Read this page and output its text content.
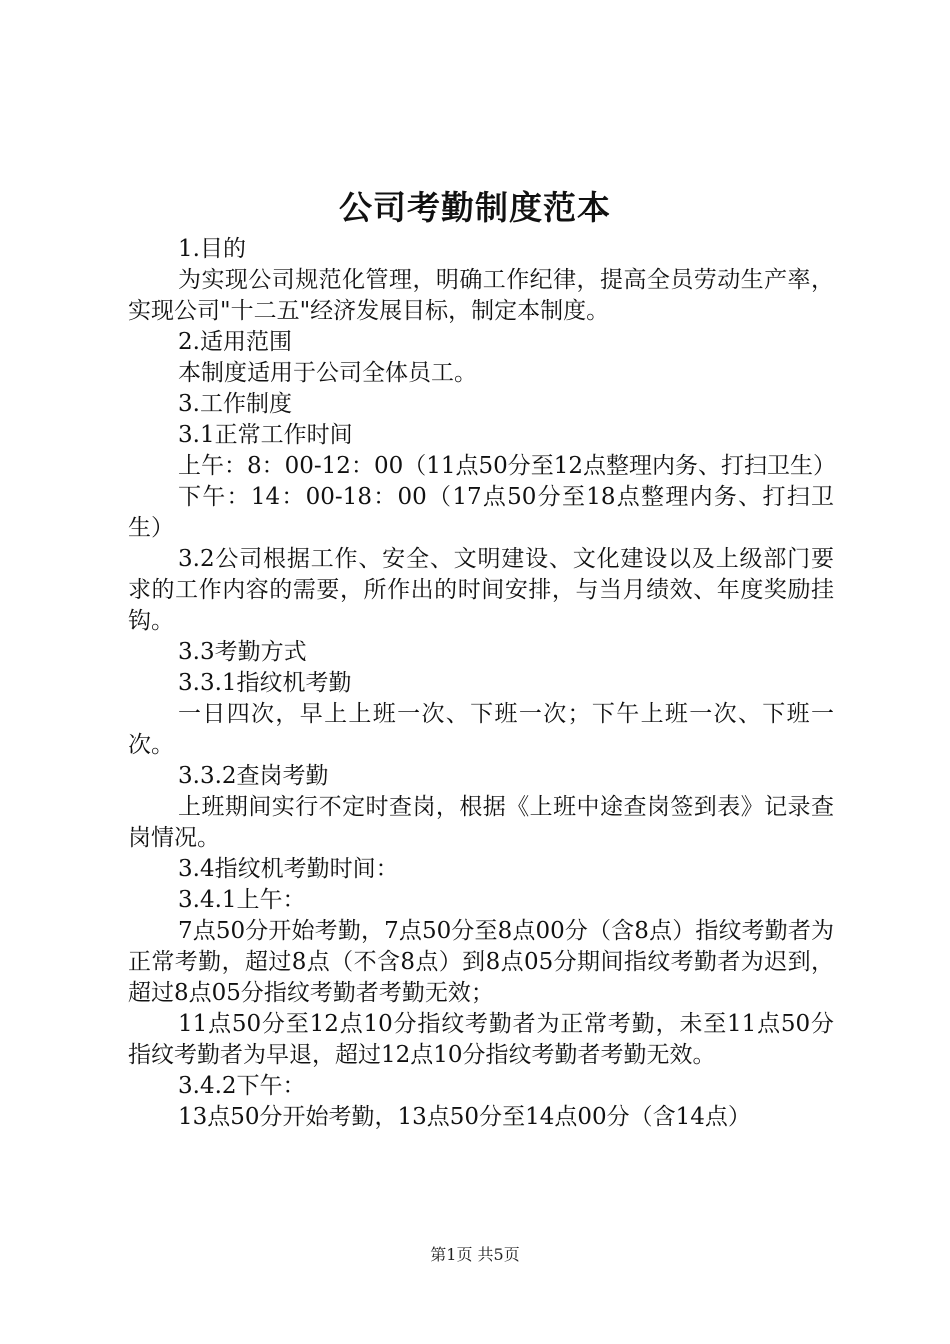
公司考勤制度范本

1.目的

为实现公司规范化管理，明确工作纪律，提高全员劳动生产率，实现公司"十二五"经济发展目标，制定本制度。

2.适用范围

本制度适用于公司全体员工。

3.工作制度

3.1正常工作时间

上午：8：00-12：00（11点50分至12点整理内务、打扫卫生）

下午：14：00-18：00（17点50分至18点整理内务、打扫卫生）

3.2公司根据工作、安全、文明建设、文化建设以及上级部门要求的工作内容的需要，所作出的时间安排，与当月绩效、年度奖励挂钩。

3.3考勤方式

3.3.1指纹机考勤

一日四次，早上上班一次、下班一次；下午上班一次、下班一次。

3.3.2查岗考勤

上班期间实行不定时查岗，根据《上班中途查岗签到表》记录查岗情况。

3.4指纹机考勤时间：

3.4.1上午：

7点50分开始考勤，7点50分至8点00分（含8点）指纹考勤者为正常考勤，超过8点（不含8点）到8点05分期间指纹考勤者为迟到，超过8点05分指纹考勤者考勤无效；

11点50分至12点10分指纹考勤者为正常考勤，未至11点50分指纹考勤者为早退，超过12点10分指纹考勤者考勤无效。

3.4.2下午：

13点50分开始考勤，13点50分至14点00分（含14点）

第1页 共5页
